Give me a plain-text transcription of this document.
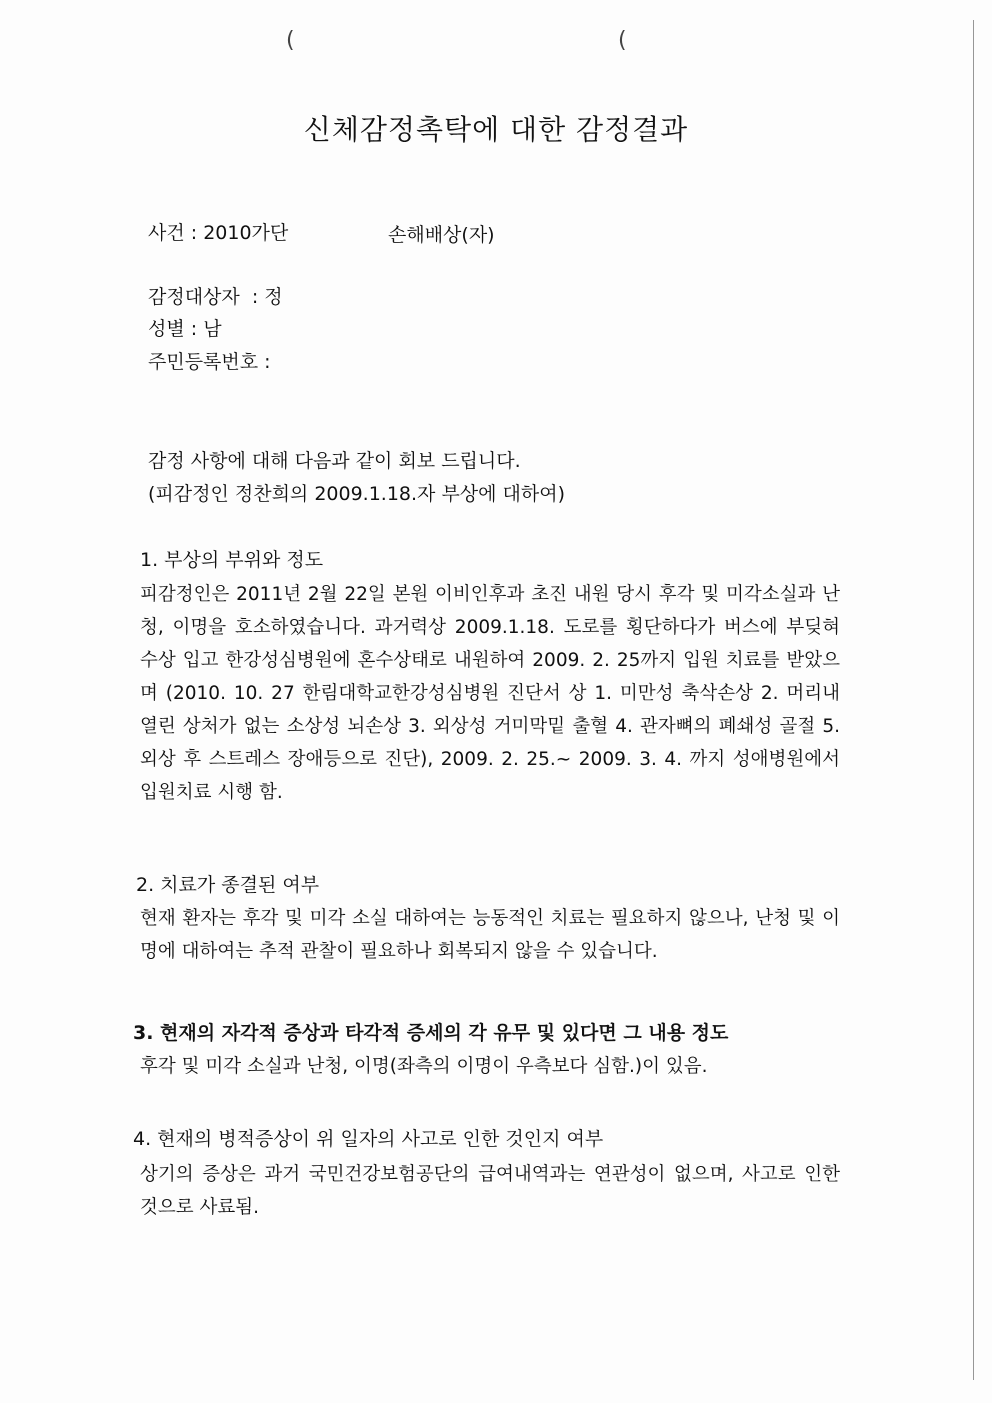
(	(
신체감정촉탁에 대한 감정결과
사건 : 2010가단	손해배상(자)
감정대상자  : 정
성별 : 남
주민등록번호 :
감정 사항에 대해 다음과 같이 회보 드립니다.
(피감정인 정찬희의 2009.1.18.자 부상에 대하여)
1. 부상의 부위와 정도
피감정인은 2011년 2월 22일 본원 이비인후과 초진 내원 당시 후각 및 미각소실과 난청, 이명을 호소하였습니다. 과거력상 2009.1.18. 도로를 횡단하다가 버스에 부딪혀 수상 입고 한강성심병원에 혼수상태로 내원하여 2009. 2. 25까지 입원 치료를 받았으며 (2010. 10. 27 한림대학교한강성심병원 진단서 상 1. 미만성 축삭손상 2. 머리내 열린 상처가 없는 소상성 뇌손상 3. 외상성 거미막밑 출혈 4. 관자뼈의 폐쇄성 골절 5. 외상 후 스트레스 장애등으로 진단), 2009. 2. 25.~ 2009. 3. 4. 까지 성애병원에서 입원치료 시행 함.
2. 치료가 종결된 여부
현재 환자는 후각 및 미각 소실 대하여는 능동적인 치료는 필요하지 않으나, 난청 및 이명에 대하여는 추적 관찰이 필요하나 회복되지 않을 수 있습니다.
3. 현재의 자각적 증상과 타각적 증세의 각 유무 및 있다면 그 내용 정도
후각 및 미각 소실과 난청, 이명(좌측의 이명이 우측보다 심함.)이 있음.
4. 현재의 병적증상이 위 일자의 사고로 인한 것인지 여부
상기의 증상은 과거 국민건강보험공단의 급여내역과는 연관성이 없으며, 사고로 인한 것으로 사료됨.
